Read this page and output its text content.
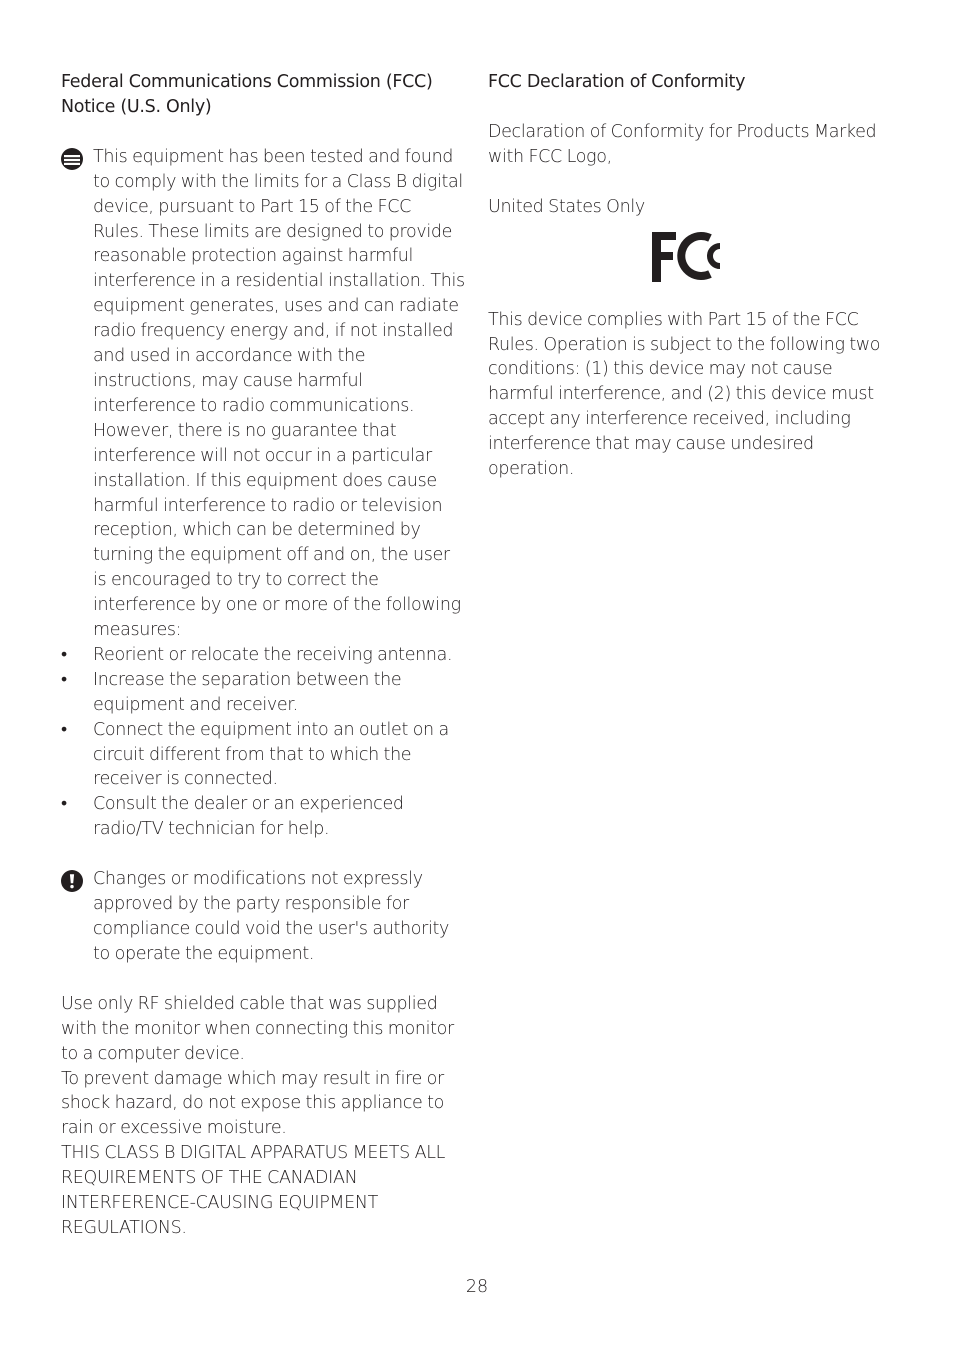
Federal Communications Commission (FCC) Notice (U.S. Only)

This equipment has been tested and found to comply with the limits for a Class B digital device, pursuant to Part 15 of the FCC Rules. These limits are designed to provide reasonable protection against harmful interference in a residential installation. This equipment generates, uses and can radiate radio frequency energy and, if not installed and used in accordance with the instructions, may cause harmful interference to radio communications. However, there is no guarantee that interference will not occur in a particular installation. If this equipment does cause harmful interference to radio or television reception, which can be determined by turning the equipment off and on, the user is encouraged to try to correct the interference by one or more of the following measures:

• Reorient or relocate the receiving antenna.
• Increase the separation between the equipment and receiver.
• Connect the equipment into an outlet on a circuit different from that to which the receiver is connected.
• Consult the dealer or an experienced radio/TV technician for help.

Changes or modifications not expressly approved by the party responsible for compliance could void the user's authority to operate the equipment.

Use only RF shielded cable that was supplied with the monitor when connecting this monitor to a computer device.

To prevent damage which may result in fire or shock hazard, do not expose this appliance to rain or excessive moisture.

THIS CLASS B DIGITAL APPARATUS MEETS ALL REQUIREMENTS OF THE CANADIAN INTERFERENCE-CAUSING EQUIPMENT REGULATIONS.

FCC Declaration of Conformity

Declaration of Conformity for Products Marked with FCC Logo,

United States Only

This device complies with Part 15 of the FCC Rules. Operation is subject to the following two conditions: (1) this device may not cause harmful interference, and (2) this device must accept any interference received, including interference that may cause undesired operation.

28
